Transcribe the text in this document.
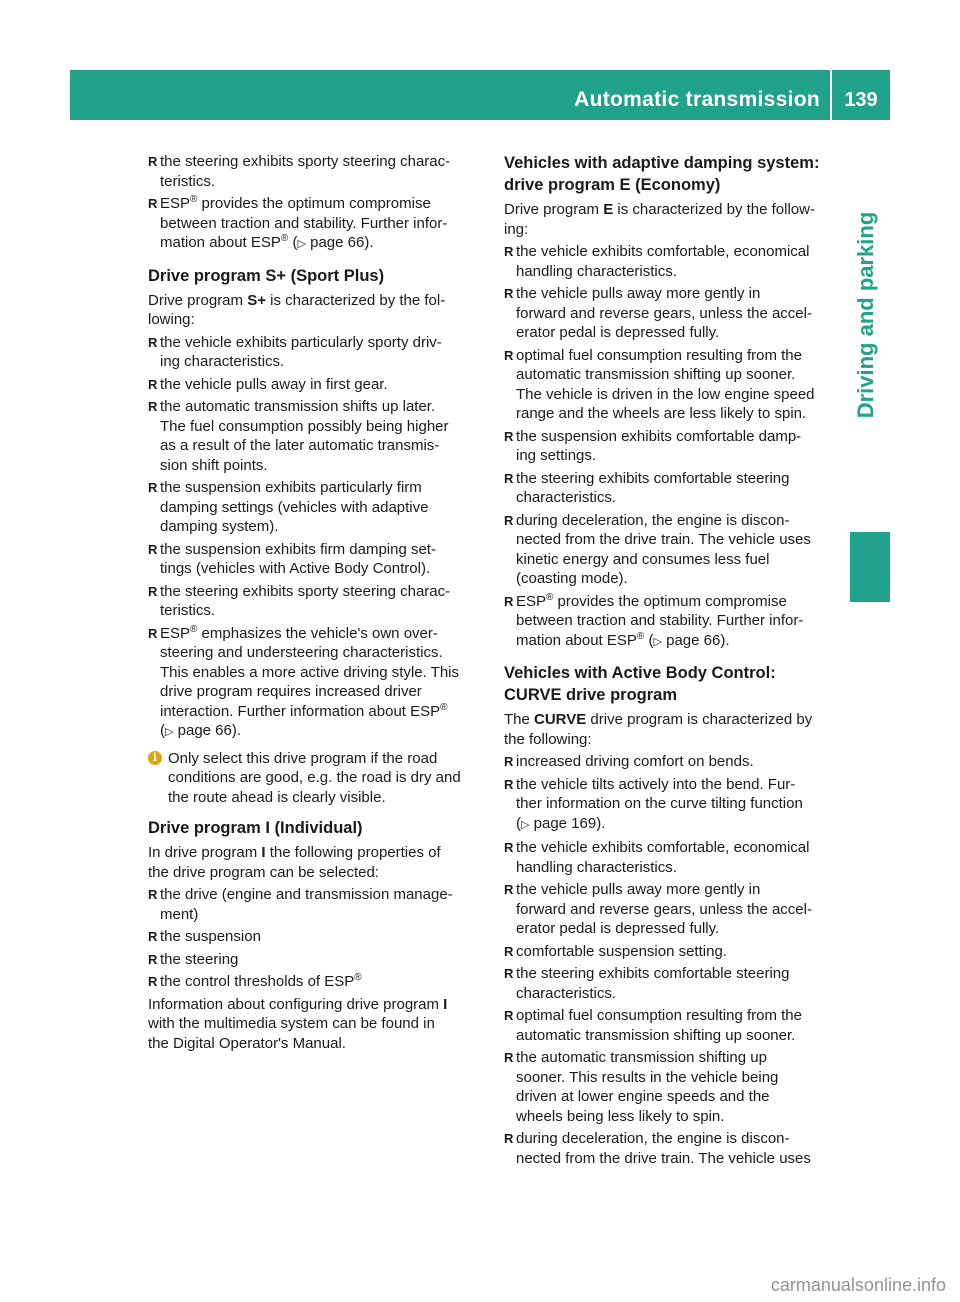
Automatic transmission	139
Driving and parking
R the steering exhibits sporty steering charac-
teristics.
R ESP® provides the optimum compromise
between traction and stability. Further infor-
mation about ESP® (▷ page 66).
Drive program S+ (Sport Plus)
Drive program S+ is characterized by the fol-
lowing:
R the vehicle exhibits particularly sporty driv-
ing characteristics.
R the vehicle pulls away in first gear.
R the automatic transmission shifts up later.
The fuel consumption possibly being higher
as a result of the later automatic transmis-
sion shift points.
R the suspension exhibits particularly firm
damping settings (vehicles with adaptive
damping system).
R the suspension exhibits firm damping set-
tings (vehicles with Active Body Control).
R the steering exhibits sporty steering charac-
teristics.
R ESP® emphasizes the vehicle's own over-
steering and understeering characteristics.
This enables a more active driving style. This
drive program requires increased driver
interaction. Further information about ESP®
(▷ page 66).
i Only select this drive program if the road
conditions are good, e.g. the road is dry and
the route ahead is clearly visible.
Drive program I (Individual)
In drive program I the following properties of
the drive program can be selected:
R the drive (engine and transmission manage-
ment)
R the suspension
R the steering
R the control thresholds of ESP®
Information about configuring drive program I
with the multimedia system can be found in
the Digital Operator's Manual.
Vehicles with adaptive damping system:
drive program E (Economy)
Drive program E is characterized by the follow-
ing:
R the vehicle exhibits comfortable, economical
handling characteristics.
R the vehicle pulls away more gently in
forward and reverse gears, unless the accel-
erator pedal is depressed fully.
R optimal fuel consumption resulting from the
automatic transmission shifting up sooner.
The vehicle is driven in the low engine speed
range and the wheels are less likely to spin.
R the suspension exhibits comfortable damp-
ing settings.
R the steering exhibits comfortable steering
characteristics.
R during deceleration, the engine is discon-
nected from the drive train. The vehicle uses
kinetic energy and consumes less fuel
(coasting mode).
R ESP® provides the optimum compromise
between traction and stability. Further infor-
mation about ESP® (▷ page 66).
Vehicles with Active Body Control:
CURVE drive program
The CURVE drive program is characterized by
the following:
R increased driving comfort on bends.
R the vehicle tilts actively into the bend. Fur-
ther information on the curve tilting function
(▷ page 169).
R the vehicle exhibits comfortable, economical
handling characteristics.
R the vehicle pulls away more gently in
forward and reverse gears, unless the accel-
erator pedal is depressed fully.
R comfortable suspension setting.
R the steering exhibits comfortable steering
characteristics.
R optimal fuel consumption resulting from the
automatic transmission shifting up sooner.
R the automatic transmission shifting up
sooner. This results in the vehicle being
driven at lower engine speeds and the
wheels being less likely to spin.
R during deceleration, the engine is discon-
nected from the drive train. The vehicle uses
carmanualsonline.info
